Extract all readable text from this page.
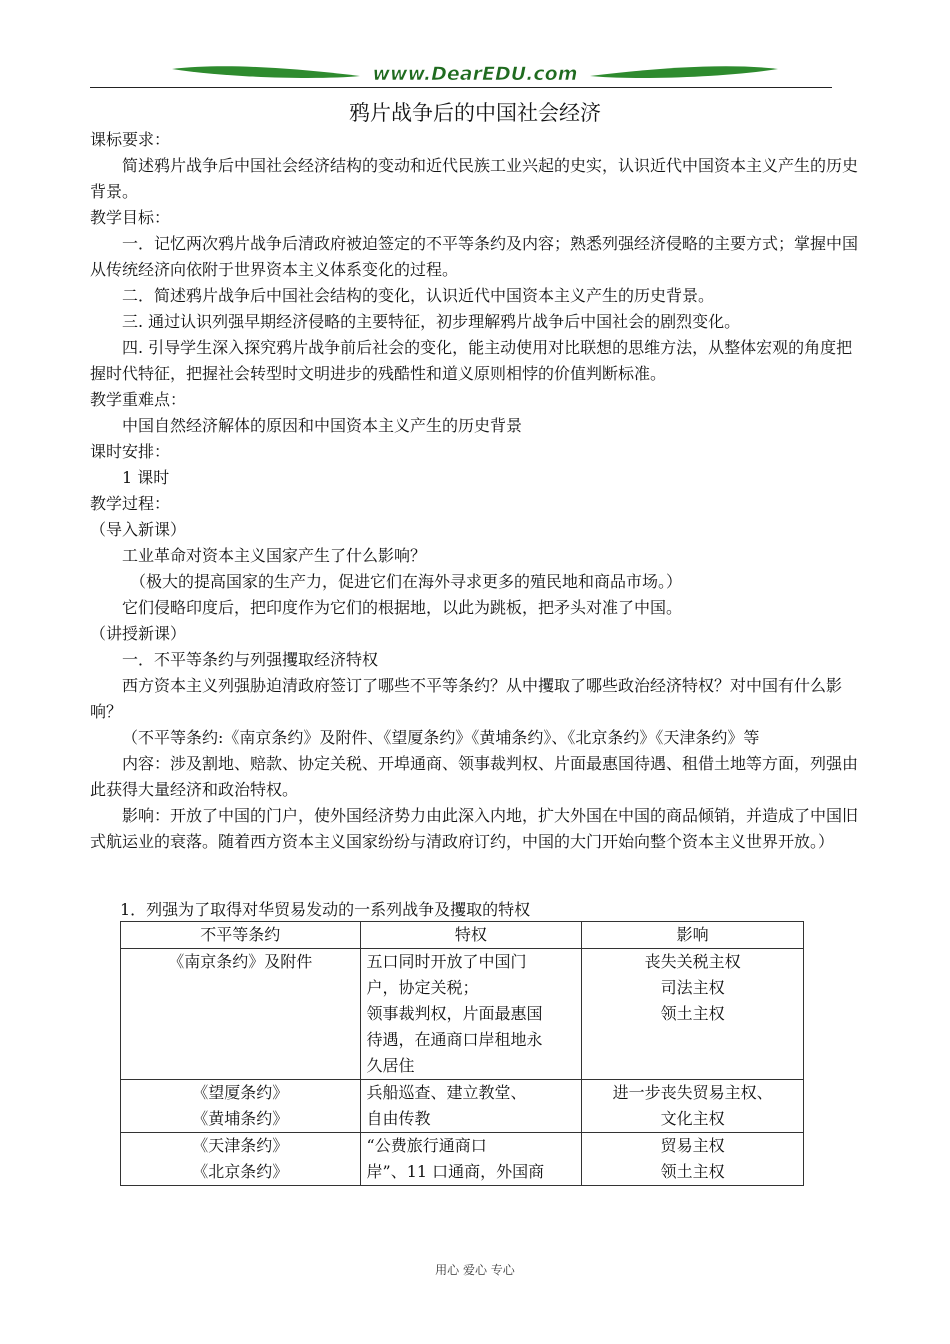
www.DearEDU.com
鸦片战争后的中国社会经济

课标要求：

简述鸦片战争后中国社会经济结构的变动和近代民族工业兴起的史实，认识近代中国资本主义产生的历史背景。

教学目标：

一．记忆两次鸦片战争后清政府被迫签定的不平等条约及内容；熟悉列强经济侵略的主要方式；掌握中国从传统经济向依附于世界资本主义体系变化的过程。

二．简述鸦片战争后中国社会结构的变化，认识近代中国资本主义产生的历史背景。

三. 通过认识列强早期经济侵略的主要特征，初步理解鸦片战争后中国社会的剧烈变化。

四. 引导学生深入探究鸦片战争前后社会的变化，能主动使用对比联想的思维方法，从整体宏观的角度把握时代特征，把握社会转型时文明进步的残酷性和道义原则相悖的价值判断标准。

教学重难点：

中国自然经济解体的原因和中国资本主义产生的历史背景

课时安排：

1 课时

教学过程：

（导入新课）

工业革命对资本主义国家产生了什么影响？

（极大的提高国家的生产力，促进它们在海外寻求更多的殖民地和商品市场。）

它们侵略印度后，把印度作为它们的根据地，以此为跳板，把矛头对准了中国。

（讲授新课）

一．不平等条约与列强攫取经济特权

西方资本主义列强胁迫清政府签订了哪些不平等条约？从中攫取了哪些政治经济特权？对中国有什么影响？

（不平等条约:《南京条约》及附件、《望厦条约》《黄埔条约》、《北京条约》《天津条约》等

内容：涉及割地、赔款、协定关税、开埠通商、领事裁判权、片面最惠国待遇、租借土地等方面，列强由此获得大量经济和政治特权。

影响：开放了中国的门户，使外国经济势力由此深入内地，扩大外国在中国的商品倾销，并造成了中国旧式航运业的衰落。随着西方资本主义国家纷纷与清政府订约，中国的大门开始向整个资本主义世界开放。）

1．列强为了取得对华贸易发动的一系列战争及攫取的特权
不平等条约	特权	影响

《南京条约》及附件	五口同时开放了中国门
户，协定关税；
领事裁判权，片面最惠国
待遇，在通商口岸租地永
久居住	丧失关税主权
司法主权
领土主权

《望厦条约》
《黄埔条约》	兵船巡查、建立教堂、
自由传教	进一步丧失贸易主权、
文化主权

《天津条约》
《北京条约》	“公费旅行通商口
岸”、11 口通商，外国商	贸易主权
领土主权
用心 爱心 专心
